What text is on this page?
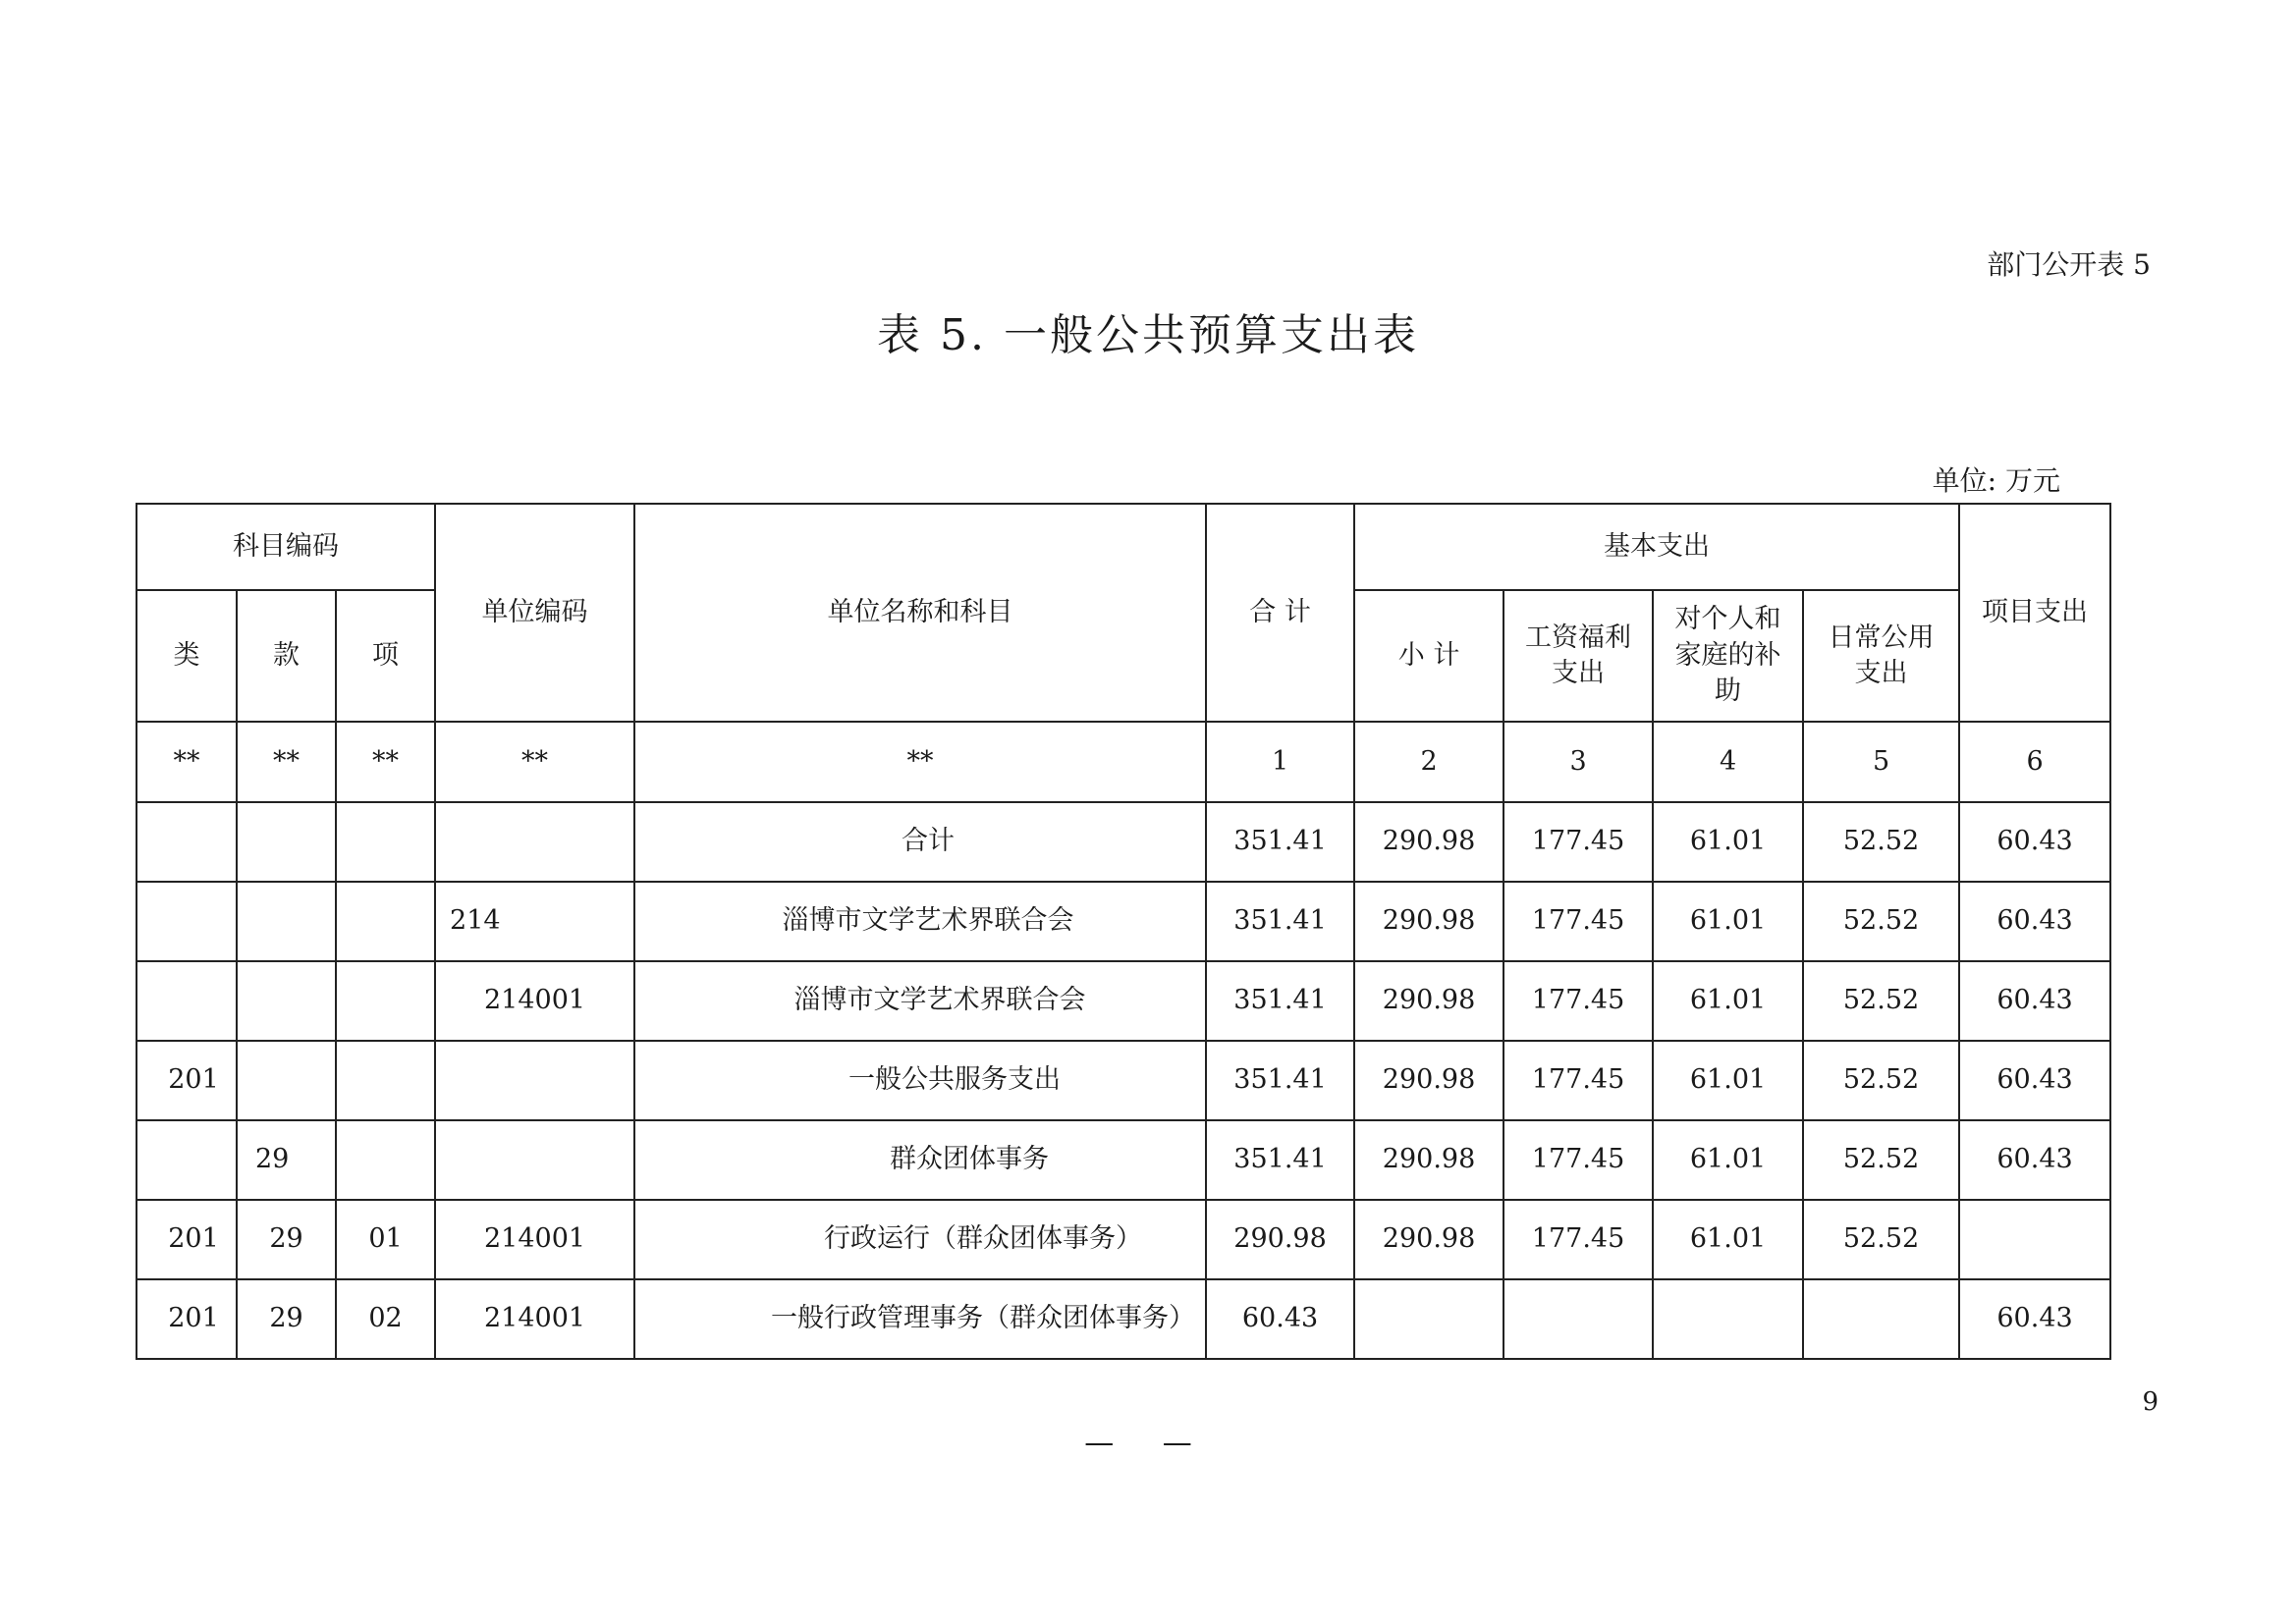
部门公开表 5
表 5. 一般公共预算支出表
单位: 万元
科目编码			单位编码	单位名称和科目	合 计	基本支出				项目支出
类	款	项				小 计	工资福利支出	对个人和家庭的补助	日常公用支出	
**	**	**	**	**	1	2	3	4	5	6
				合计	351.41	290.98	177.45	61.01	52.52	60.43
			214	淄博市文学艺术界联合会	351.41	290.98	177.45	61.01	52.52	60.43
			214001	淄博市文学艺术界联合会	351.41	290.98	177.45	61.01	52.52	60.43
201				一般公共服务支出	351.41	290.98	177.45	61.01	52.52	60.43
	29			群众团体事务	351.41	290.98	177.45	61.01	52.52	60.43
201	29	01	214001	行政运行（群众团体事务）	290.98	290.98	177.45	61.01	52.52	
201	29	02	214001	一般行政管理事务（群众团体事务）	60.43					60.43
9
— —
